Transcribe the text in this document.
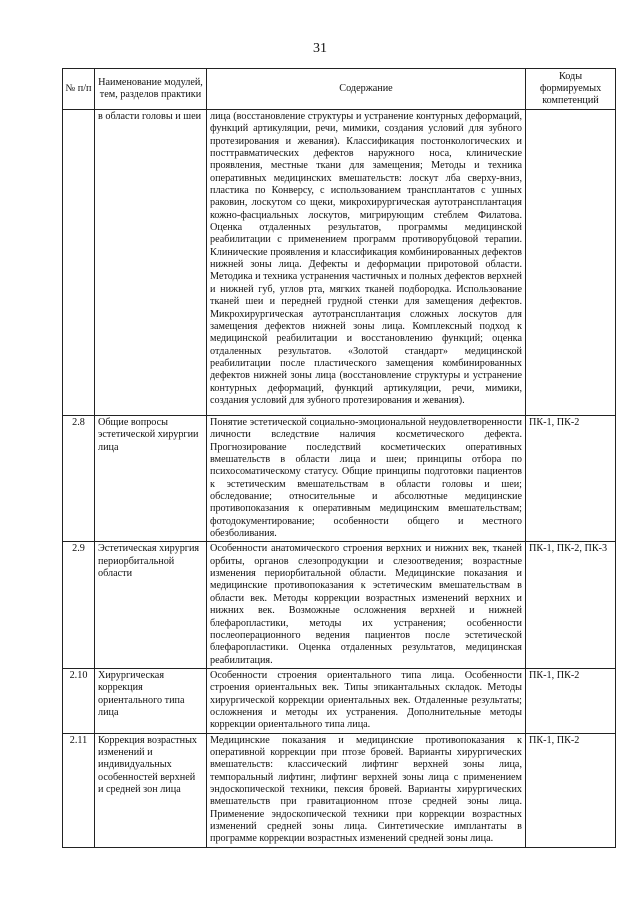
31
№ п/п	Наименование модулей, тем, разделов практики	Содержание	Коды формируемых компетенций
	в области головы и шеи	лица (восстановление структуры и устранение контурных деформаций, функций артикуляции, речи, мимики, создания условий для зубного протезирования и жевания). Классификация постонкологических и посттравматических дефектов наружного носа, клинические проявления, местные ткани для замещения; Методы и техника оперативных медицинских вмешательств: лоскут лба сверху-вниз, пластика по Конверсу, с использованием трансплантатов с ушных раковин, лоскутом со щеки, микрохирургическая аутотрансплантация кожно-фасциальных лоскутов, мигрирующим стеблем Филатова. Оценка отдаленных результатов, программы медицинской реабилитации с применением программ противорубцовой терапии. Клинические проявления и классификация комбинированных дефектов нижней зоны лица. Дефекты и деформации приротовой области. Методика и техника устранения частичных и полных дефектов верхней и нижней губ, углов рта, мягких тканей подбородка. Использование тканей шеи и передней грудной стенки для замещения дефектов. Микрохирургическая аутотрансплантация сложных лоскутов для замещения дефектов нижней зоны лица. Комплексный подход к медицинской реабилитации и восстановлению функций; оценка отдаленных результатов. «Золотой стандарт» медицинской реабилитации после пластического замещения комбинированных дефектов нижней зоны лица (восстановление структуры и устранение контурных деформаций, функций артикуляции, речи, мимики, создания условий для зубного протезирования и жевания).	
2.8	Общие вопросы эстетической хирургии лица	Понятие эстетической социально-эмоциональной неудовлетворенности личности вследствие наличия косметического дефекта. Прогнозирование последствий косметических оперативных вмешательств в области лица и шеи; принципы отбора по психосоматическому статусу. Общие принципы подготовки пациентов к эстетическим вмешательствам в области головы и шеи; обследование; относительные и абсолютные медицинские противопоказания к оперативным медицинским вмешательствам; фотодокументирование; особенности общего и местного обезболивания.	ПК-1, ПК-2
2.9	Эстетическая хирургия периорбитальной области	Особенности анатомического строения верхних и нижних век, тканей орбиты, органов слезопродукции и слезоотведения; возрастные изменения периорбитальной области. Медицинские показания и медицинские противопоказания к эстетическим вмешательствам в области век. Методы коррекции возрастных изменений верхних и нижних век. Возможные осложнения верхней и нижней блефаропластики, методы их устранения; особенности послеоперационного ведения пациентов после эстетической блефаропластики. Оценка отдаленных результатов, медицинская реабилитация.	ПК-1, ПК-2, ПК-3
2.10	Хирургическая коррекция ориентального типа лица	Особенности строения ориентального типа лица. Особенности строения ориентальных век. Типы эпикантальных складок. Методы хирургической коррекции ориентальных век. Отдаленные результаты; осложнения и методы их устранения. Дополнительные методы коррекции ориентального типа лица.	ПК-1, ПК-2
2.11	Коррекция возрастных изменений и индивидуальных особенностей верхней и средней зон лица	Медицинские показания и медицинские противопоказания к оперативной коррекции при птозе бровей. Варианты хирургических вмешательств: классический лифтинг верхней зоны лица, темпоральный лифтинг, лифтинг верхней зоны лица с применением эндоскопической техники, пексия бровей. Варианты хирургических вмешательств при гравитационном птозе средней зоны лица. Применение эндоскопической техники при коррекции возрастных изменений средней зоны лица. Синтетические имплантаты в программе коррекции возрастных изменений средней зоны лица.	ПК-1, ПК-2
